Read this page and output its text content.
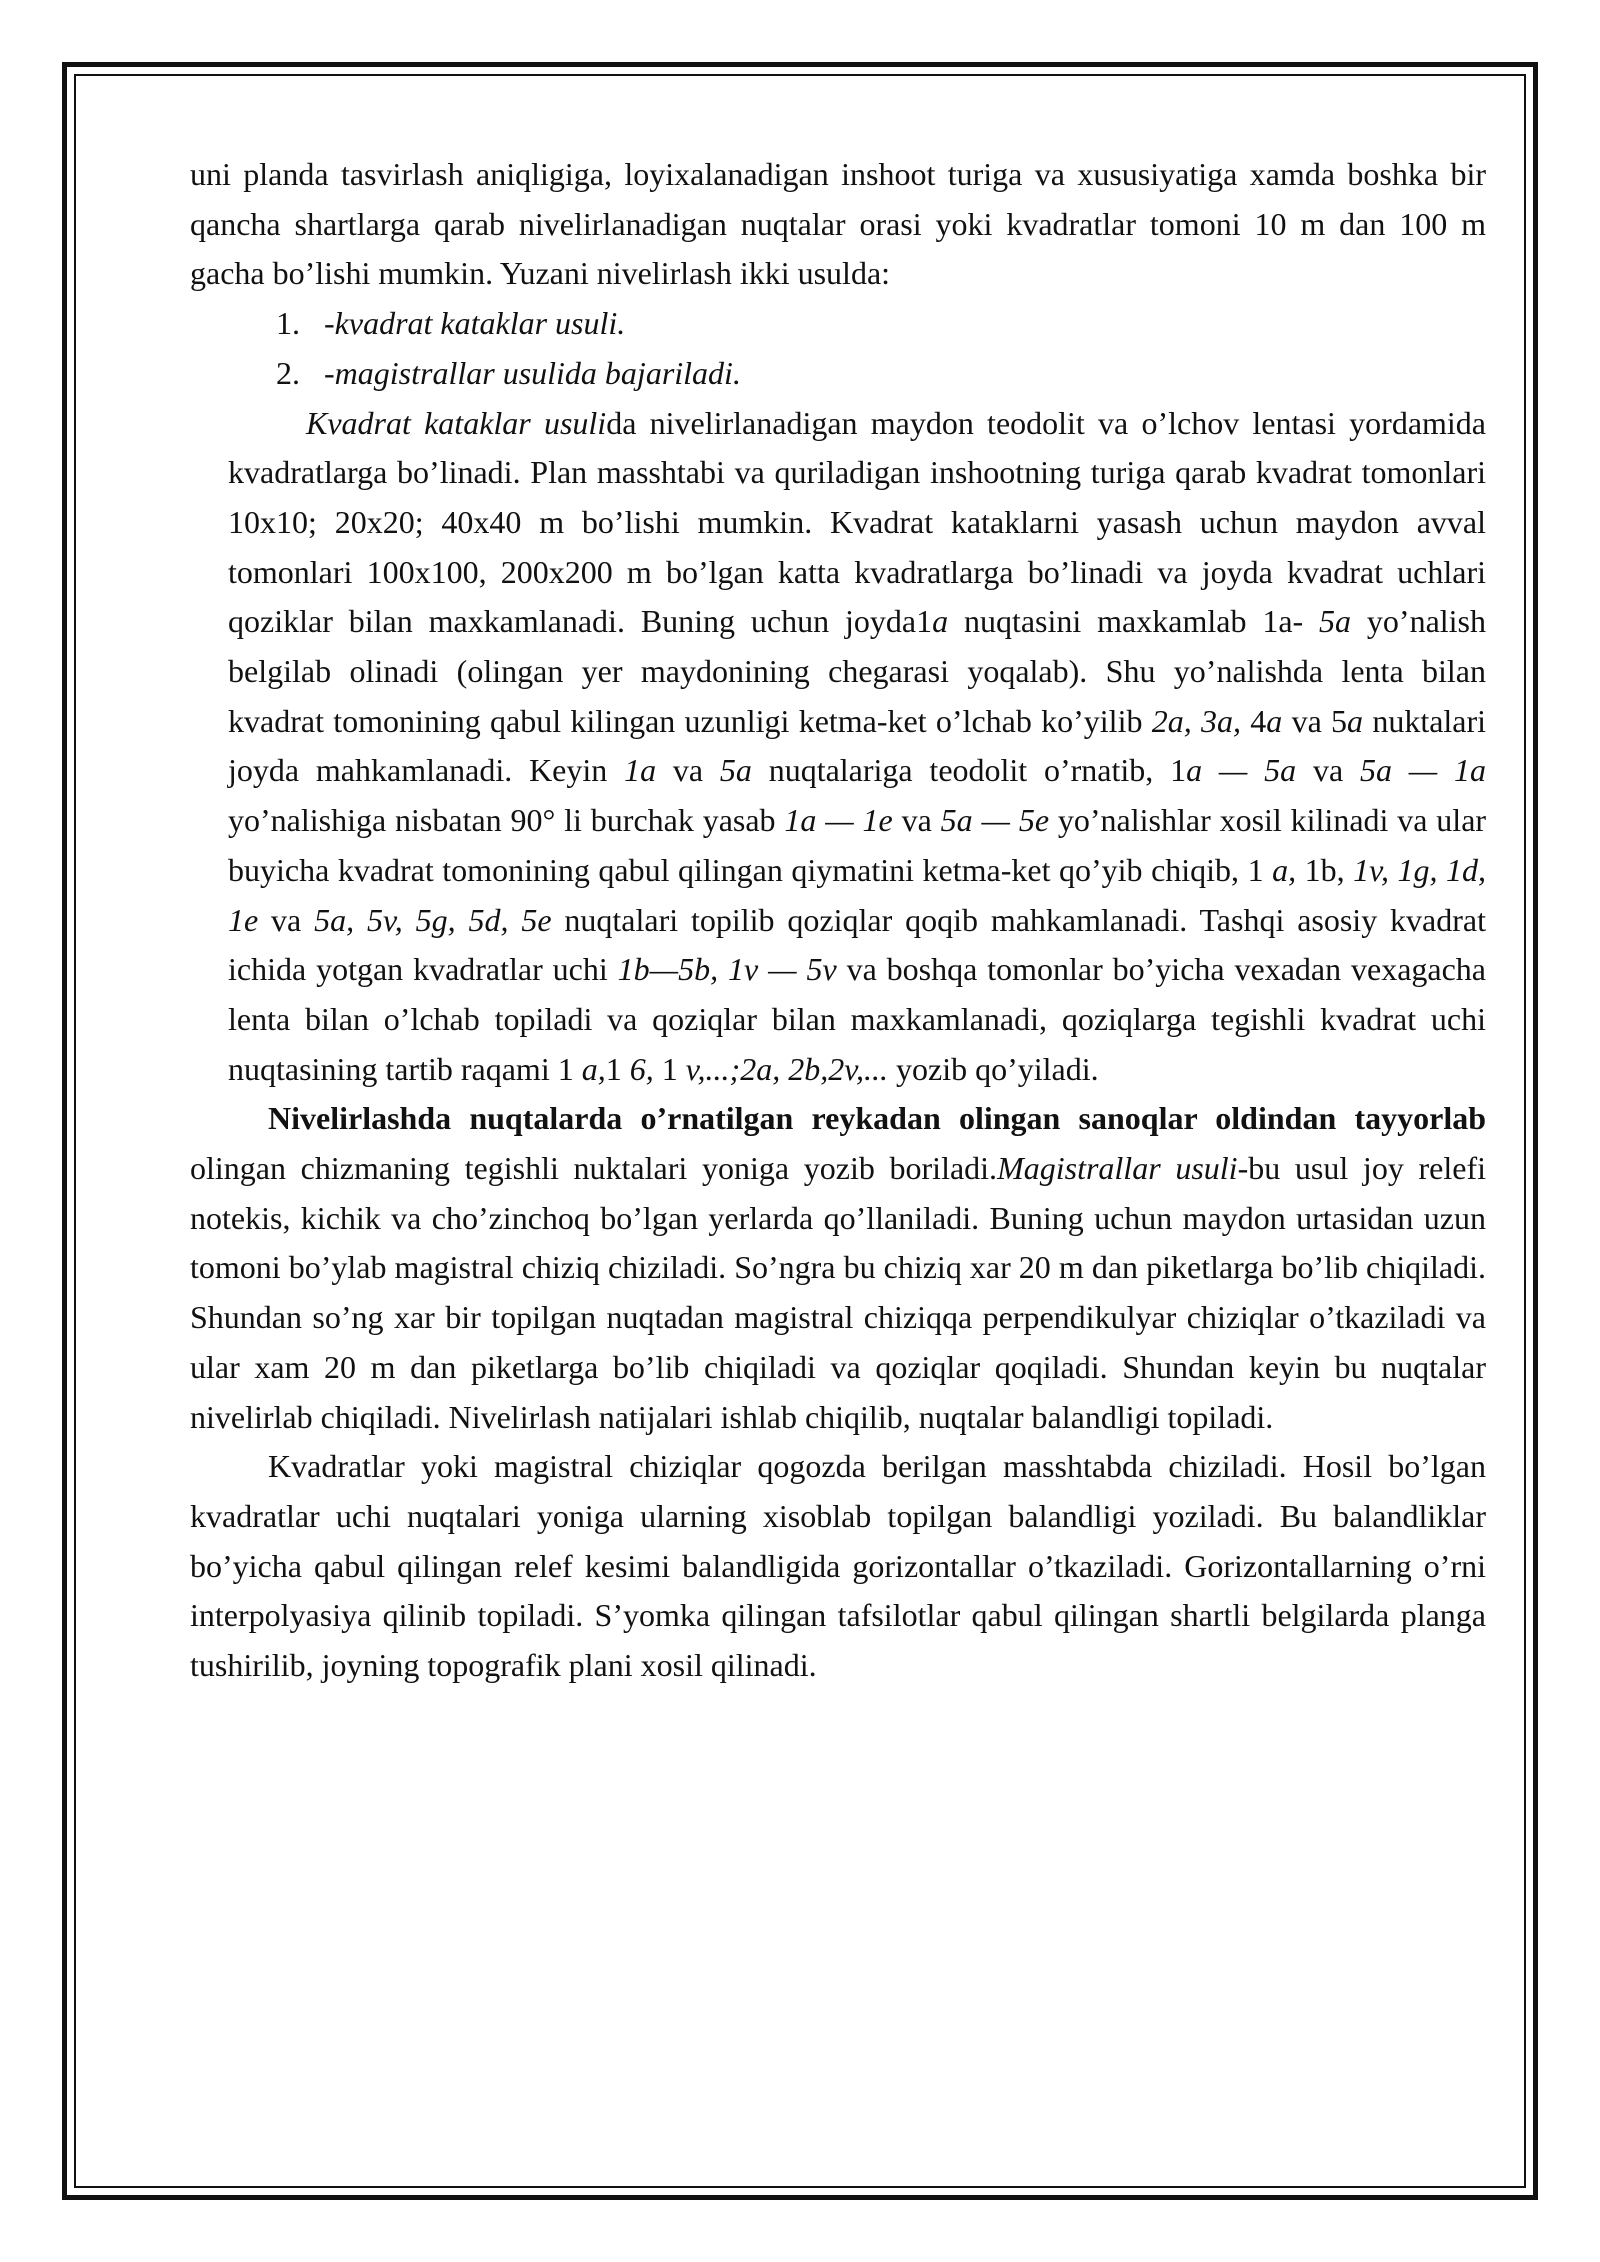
uni planda tasvirlash aniqligiga, loyixalanadigan inshoot turiga va xususiyatiga xamda boshka bir qancha shartlarga qarab nivelirlanadigan nuqtalar orasi yoki kvadratlar tomoni 10 m dan 100 m gacha bo’lishi mumkin. Yuzani nivelirlash ikki usulda:

1. -kvadrat kataklar usuli.
2. -magistrallar usulida bajariladi.

Kvadrat kataklar usulida nivelirlanadigan maydon teodolit va o’lchov lentasi yordamida kvadratlarga bo’linadi. Plan masshtabi va quriladigan inshootning turiga qarab kvadrat tomonlari 10x10; 20x20; 40x40 m bo’lishi mumkin. Kvadrat kataklarni yasash uchun maydon avval tomonlari 100x100, 200x200 m bo’lgan katta kvadratlarga bo’linadi va joyda kvadrat uchlari qoziklar bilan maxkamlanadi. Buning uchun joyda1a nuqtasini maxkamlab 1a- 5a yo’nalish belgilab olinadi (olingan yer maydonining chegarasi yoqalab). Shu yo’nalishda lenta bilan kvadrat tomonining qabul kilingan uzunligi ketma-ket o’lchab ko’yilib 2a, 3a, 4a va 5a nuktalari joyda mahkamlanadi. Keyin 1a va 5a nuqtalariga teodolit o’rnatib, 1a — 5a va 5a — 1a yo’nalishiga nisbatan 90° li burchak yasab 1a — 1e va 5a — 5e yo’nalishlar xosil kilinadi va ular buyicha kvadrat tomonining qabul qilingan qiymatini ketma-ket qo’yib chiqib, 1 a, 1b, 1v, 1g, 1d, 1e va 5a, 5v, 5g, 5d, 5e nuqtalari topilib qoziqlar qoqib mahkamlanadi. Tashqi asosiy kvadrat ichida yotgan kvadratlar uchi 1b—5b, 1v — 5v va boshqa tomonlar bo’yicha vexadan vexagacha lenta bilan o’lchab topiladi va qoziqlar bilan maxkamlanadi, qoziqlarga tegishli kvadrat uchi nuqtasining tartib raqami 1 a,1 6, 1 v,...;2a, 2b,2v,... yozib qo’yiladi.

Nivelirlashda nuqtalarda o’rnatilgan reykadan olingan sanoqlar oldindan tayyorlab olingan chizmaning tegishli nuktalari yoniga yozib boriladi.Magistrallar usuli-bu usul joy relefi notekis, kichik va cho’zinchoq bo’lgan yerlarda qo’llaniladi. Buning uchun maydon urtasidan uzun tomoni bo’ylab magistral chiziq chiziladi. So’ngra bu chiziq xar 20 m dan piketlarga bo’lib chiqiladi. Shundan so’ng xar bir topilgan nuqtadan magistral chiziqqa perpendikulyar chiziqlar o’tkaziladi va ular xam 20 m dan piketlarga bo’lib chiqiladi va qoziqlar qoqiladi. Shundan keyin bu nuqtalar nivelirlab chiqiladi. Nivelirlash natijalari ishlab chiqilib, nuqtalar balandligi topiladi.

Kvadratlar yoki magistral chiziqlar qogozda berilgan masshtabda chiziladi. Hosil bo’lgan kvadratlar uchi nuqtalari yoniga ularning xisoblab topilgan balandligi yoziladi. Bu balandliklar bo’yicha qabul qilingan relef kesimi balandligida gorizontallar o’tkaziladi. Gorizontallarning o’rni interpolyasiya qilinib topiladi. S’yomka qilingan tafsilotlar qabul qilingan shartli belgilarda planga tushirilib, joyning topografik plani xosil qilinadi.
